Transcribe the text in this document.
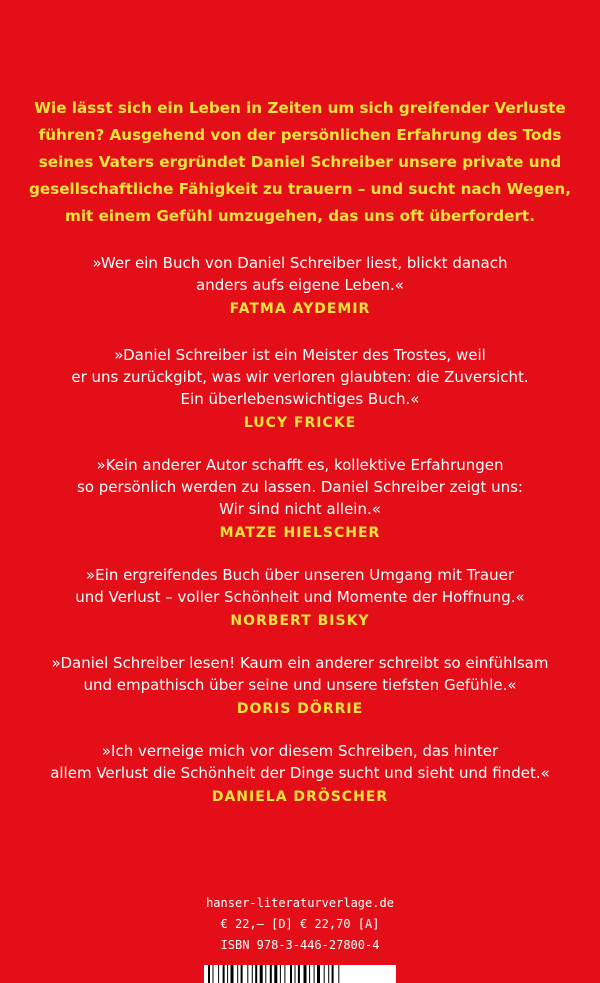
Wie lässt sich ein Leben in Zeiten um sich greifender Verluste führen? Ausgehend von der persönlichen Erfahrung des Tods seines Vaters ergründet Daniel Schreiber unsere private und gesellschaftliche Fähigkeit zu trauern – und sucht nach Wegen, mit einem Gefühl umzugehen, das uns oft überfordert.

»Wer ein Buch von Daniel Schreiber liest, blickt danach
anders aufs eigene Leben.«

FATMA AYDEMIR

»Daniel Schreiber ist ein Meister des Trostes, weil
er uns zurückgibt, was wir verloren glaubten: die Zuversicht.
Ein überlebenswichtiges Buch.«

LUCY FRICKE

»Kein anderer Autor schafft es, kollektive Erfahrungen
so persönlich werden zu lassen. Daniel Schreiber zeigt uns:
Wir sind nicht allein.«

MATZE HIELSCHER

»Ein ergreifendes Buch über unseren Umgang mit Trauer
und Verlust – voller Schönheit und Momente der Hoffnung.«

NORBERT BISKY

»Daniel Schreiber lesen! Kaum ein anderer schreibt so einfühlsam
und empathisch über seine und unsere tiefsten Gefühle.«

DORIS DÖRRIE

»Ich verneige mich vor diesem Schreiben, das hinter
allem Verlust die Schönheit der Dinge sucht und sieht und findet.«

DANIELA DRÖSCHER

hanser-literaturverlage.de
€ 22,– [D] € 22,70 [A]
ISBN 978-3-446-27800-4
